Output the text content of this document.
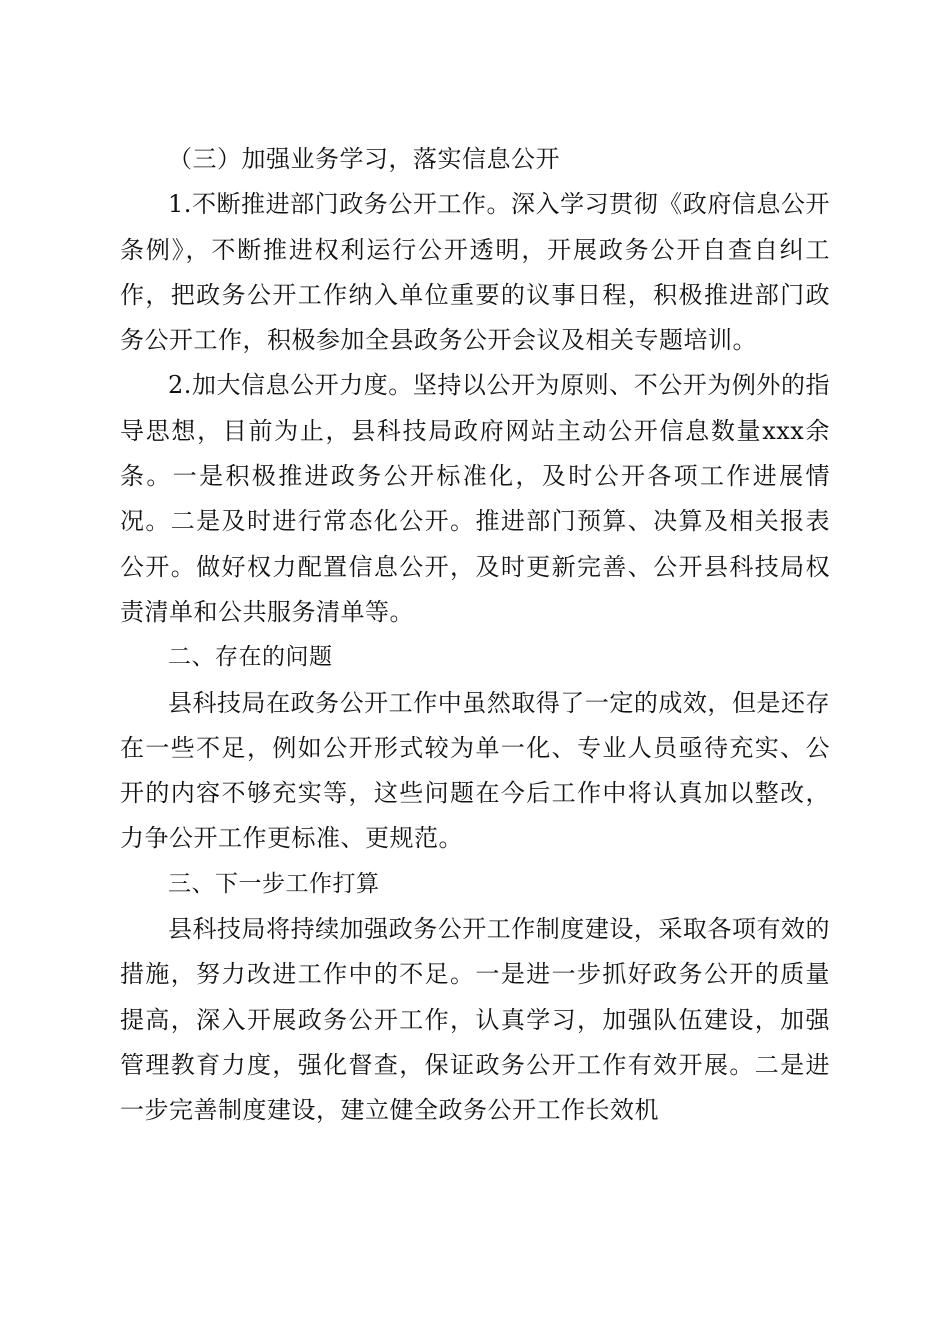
（三）加强业务学习，落实信息公开

1.不断推进部门政务公开工作。深入学习贯彻《政府信息公开条例》，不断推进权利运行公开透明，开展政务公开自查自纠工作，把政务公开工作纳入单位重要的议事日程，积极推进部门政务公开工作，积极参加全县政务公开会议及相关专题培训。

2.加大信息公开力度。坚持以公开为原则、不公开为例外的指导思想，目前为止，县科技局政府网站主动公开信息数量xxx余条。一是积极推进政务公开标准化，及时公开各项工作进展情况。二是及时进行常态化公开。推进部门预算、决算及相关报表公开。做好权力配置信息公开，及时更新完善、公开县科技局权责清单和公共服务清单等。

二、存在的问题

县科技局在政务公开工作中虽然取得了一定的成效，但是还存在一些不足，例如公开形式较为单一化、专业人员亟待充实、公开的内容不够充实等，这些问题在今后工作中将认真加以整改，力争公开工作更标准、更规范。

三、下一步工作打算

县科技局将持续加强政务公开工作制度建设，采取各项有效的措施，努力改进工作中的不足。一是进一步抓好政务公开的质量提高，深入开展政务公开工作，认真学习，加强队伍建设，加强管理教育力度，强化督查，保证政务公开工作有效开展。二是进一步完善制度建设，建立健全政务公开工作长效机
